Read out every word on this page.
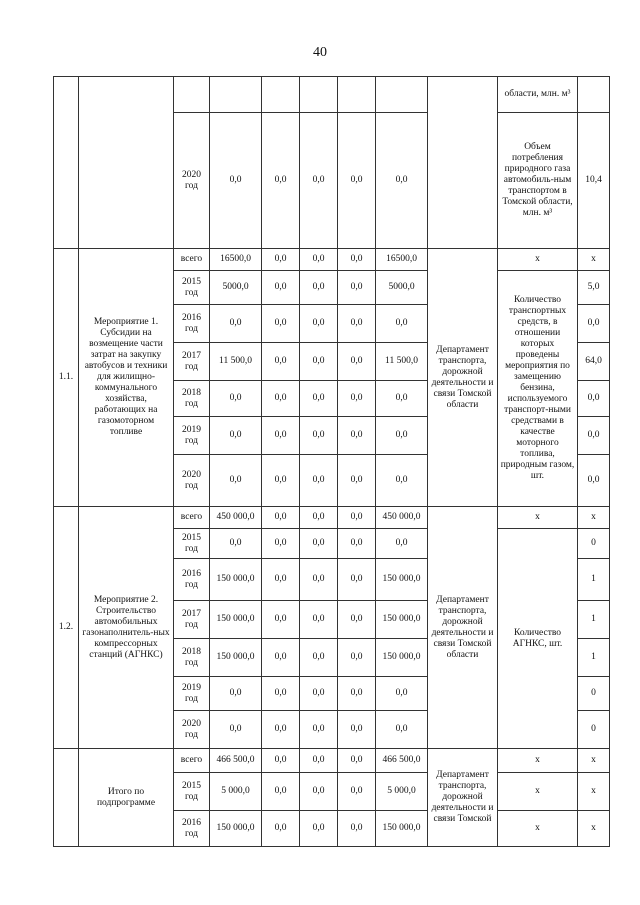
40
									области, млн. м³	
		2020 год	0,0	0,0	0,0	0,0	0,0		Объем потребления природного газа автомобиль-ным транспортом в Томской области, млн. м³	10,4
1.1.	Мероприятие 1. Субсидии на возмещение части затрат на закупку автобусов и техники для жилищно-коммунального хозяйства, работающих на газомоторном топливе	всего	16500,0	0,0	0,0	0,0	16500,0	Департамент транспорта, дорожной деятельности и связи Томской области	х	х
		2015 год	5000,0	0,0	0,0	0,0	5000,0		Количество транспортных средств, в отношении которых проведены мероприятия по замещению бензина, используемого транспорт-ными средствами в качестве моторного топлива, природным газом, шт.	5,0
		2016 год	0,0	0,0	0,0	0,0	0,0			0,0
		2017 год	11 500,0	0,0	0,0	0,0	11 500,0			64,0
		2018 год	0,0	0,0	0,0	0,0	0,0			0,0
		2019 год	0,0	0,0	0,0	0,0	0,0			0,0
		2020 год	0,0	0,0	0,0	0,0	0,0			0,0
1.2.	Мероприятие 2. Строительство автомобильных газонаполнитель-ных компрессорных станций (АГНКС)	всего	450 000,0	0,0	0,0	0,0	450 000,0	Департамент транспорта, дорожной деятельности и связи Томской области	х	х
		2015 год	0,0	0,0	0,0	0,0	0,0		Количество АГНКС, шт.	0
		2016 год	150 000,0	0,0	0,0	0,0	150 000,0			1
		2017 год	150 000,0	0,0	0,0	0,0	150 000,0			1
		2018 год	150 000,0	0,0	0,0	0,0	150 000,0			1
		2019 год	0,0	0,0	0,0	0,0	0,0			0
		2020 год	0,0	0,0	0,0	0,0	0,0			0
	Итого по подпрограмме	всего	466 500,0	0,0	0,0	0,0	466 500,0	Департамент транспорта, дорожной деятельности и связи Томской	х	х
		2015 год	5 000,0	0,0	0,0	0,0	5 000,0		х	х
		2016 год	150 000,0	0,0	0,0	0,0	150 000,0		х	х
